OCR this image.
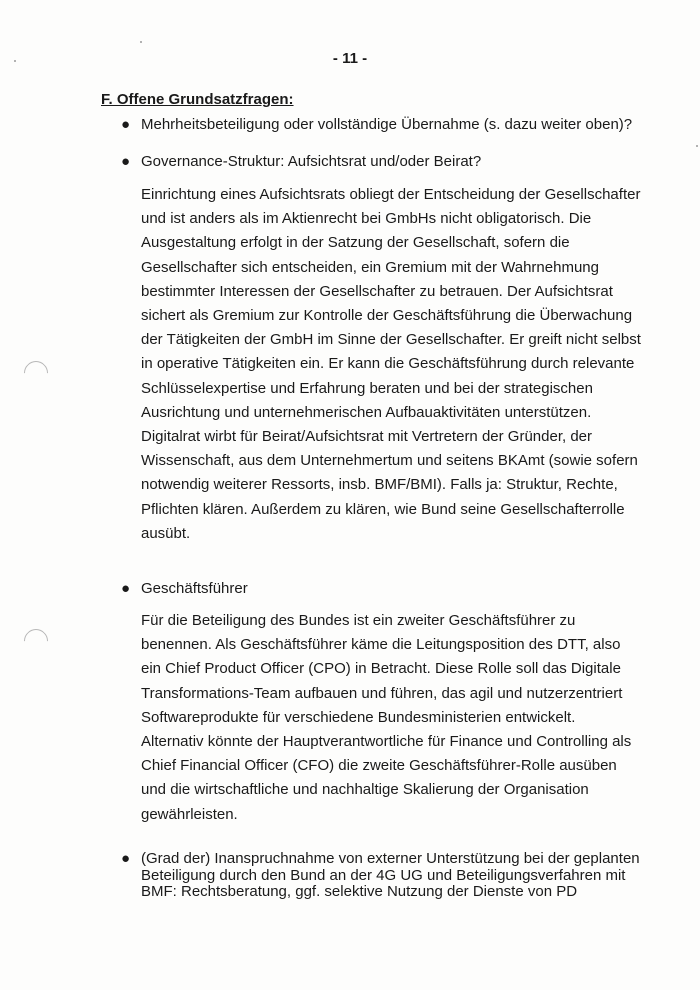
- 11 -
F. Offene Grundsatzfragen:
● Mehrheitsbeteiligung oder vollständige Übernahme (s. dazu weiter oben)?
● Governance-Struktur: Aufsichtsrat und/oder Beirat?
Einrichtung eines Aufsichtsrats obliegt der Entscheidung der Gesellschafter
und ist anders als im Aktienrecht bei GmbHs nicht obligatorisch. Die
Ausgestaltung erfolgt in der Satzung der Gesellschaft, sofern die
Gesellschafter sich entscheiden, ein Gremium mit der Wahrnehmung
bestimmter Interessen der Gesellschafter zu betrauen. Der Aufsichtsrat
sichert als Gremium zur Kontrolle der Geschäftsführung die Überwachung
der Tätigkeiten der GmbH im Sinne der Gesellschafter. Er greift nicht selbst
in operative Tätigkeiten ein. Er kann die Geschäftsführung durch relevante
Schlüsselexpertise und Erfahrung beraten und bei der strategischen
Ausrichtung und unternehmerischen Aufbauaktivitäten unterstützen.
Digitalrat wirbt für Beirat/Aufsichtsrat mit Vertretern der Gründer, der
Wissenschaft, aus dem Unternehmertum und seitens BKAmt (sowie sofern
notwendig weiterer Ressorts, insb. BMF/BMI). Falls ja: Struktur, Rechte,
Pflichten klären. Außerdem zu klären, wie Bund seine Gesellschafterrolle
ausübt.
● Geschäftsführer
Für die Beteiligung des Bundes ist ein zweiter Geschäftsführer zu
benennen. Als Geschäftsführer käme die Leitungsposition des DTT, also
ein Chief Product Officer (CPO) in Betracht. Diese Rolle soll das Digitale
Transformations-Team aufbauen und führen, das agil und nutzerzentriert
Softwareprodukte für verschiedene Bundesministerien entwickelt.
Alternativ könnte der Hauptverantwortliche für Finance und Controlling als
Chief Financial Officer (CFO) die zweite Geschäftsführer-Rolle ausüben
und die wirtschaftliche und nachhaltige Skalierung der Organisation
gewährleisten.
● (Grad der) Inanspruchnahme von externer Unterstützung bei der geplanten
Beteiligung durch den Bund an der 4G UG und Beteiligungsverfahren mit
BMF: Rechtsberatung, ggf. selektive Nutzung der Dienste von PD
